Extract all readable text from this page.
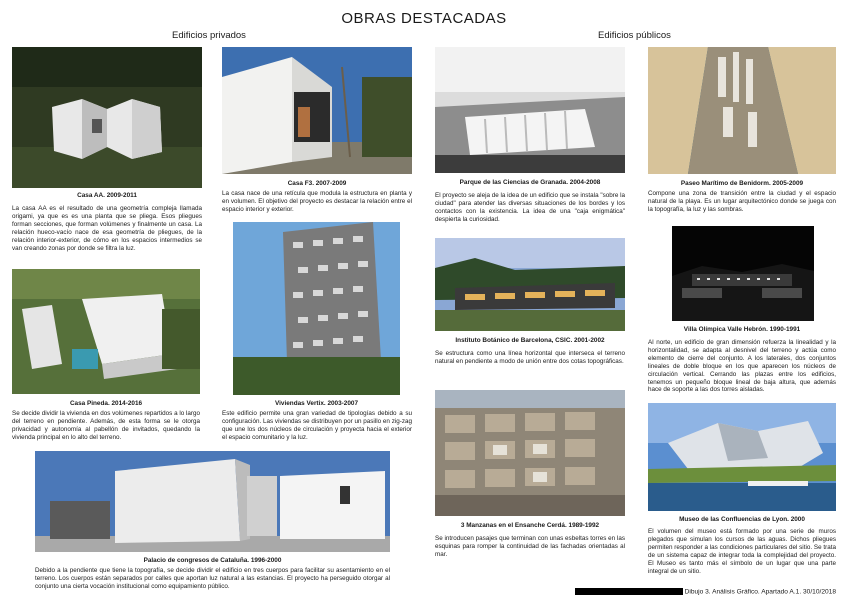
OBRAS DESTACADAS
Edificios privados	Edificios públicos
Casa AA. 2009-2011

La casa AA es el resultado de una geometría compleja llamada origami, ya que es es una planta que se pliega. Esos pliegues forman secciones, que forman volúmenes y finalmente un casa. La relación hueco-vacío nace de esa geometría de pliegues, de la relación interior-exterior, de cómo en los espacios intermedios se van creando zonas por donde se filtra la luz.

Casa F3. 2007-2009

La casa nace de una retícula que modula la estructura en planta y en volumen. El objetivo del proyecto es destacar la relación entre el espacio interior y exterior.

Casa Pineda. 2014-2016

Se decide dividir la vivienda en dos volúmenes repartidos a lo largo del terreno en pendiente. Además, de esta forma se le otorga privacidad y autonomía al pabellón de invitados, quedando la vivienda principal en lo alto del terreno.

Viviendas Vertix. 2003-2007

Este edificio permite una gran variedad de tipologías debido a su configuración. Las viviendas se distribuyen por un pasillo en zig-zag que une los dos núcleos de circulación y proyecta hacia el exterior el espacio comunitario y la luz.

Palacio de congresos de Cataluña. 1996-2000

Debido a la pendiente que tiene la topografía, se decide dividir el edificio en tres cuerpos para facilitar su asentamiento en el terreno. Los cuerpos están separados por calles que aportan luz natural a las estancias. El proyecto ha perseguido otorgar al conjunto una cierta vocación institucional como equipamiento público.

Parque de las Ciencias de Granada. 2004-2008

El proyecto se aleja de la idea de un edificio que se instala "sobre la ciudad" para atender las diversas situaciones de los bordes y los contactos con la existencia. La idea de una "caja enigmática" despierta la curiosidad.

Paseo Marítimo de Benidorm. 2005-2009

Compone una zona de transición entre la ciudad y el espacio natural de la playa. Es un lugar arquitectónico donde se juega con la topografía, la luz y las sombras.

Instituto Botánico de Barcelona, CSIC. 2001-2002

Se estructura como una línea horizontal que interseca el terreno natural en pendiente a modo de unión entre dos cotas topográficas.

Villa Olímpica Valle Hebrón. 1990-1991

Al norte, un edificio de gran dimensión refuerza la linealidad y la horizontalidad, se adapta al desnivel del terreno y actúa como elemento de cierre del conjunto. A los laterales, dos conjuntos lineales de doble bloque en los que aparecen los núcleos de circulación vertical. Cerrando las plazas entre los edificios, tenemos un pequeño bloque lineal de baja altura, que además hace de soporte a las dos torres aisladas.

3 Manzanas en el Ensanche Cerdá. 1989-1992

Se introducen pasajes que terminan con unas esbeltas torres en las esquinas para romper la continuidad de las fachadas orientadas al mar.

Museo de las Confluencias de Lyon. 2000

El volumen del museo está formado por una serie de muros plegados que simulan los cursos de las aguas. Dichos pliegues permiten responder a las condiciones particulares del sitio. Se trata de un sistema capaz de integrar toda la complejidad del proyecto. El Museo es tanto más el símbolo de un lugar que una parte integral de un sitio.

Dibujo 3. Análisis Gráfico. Apartado A.1. 30/10/2018
